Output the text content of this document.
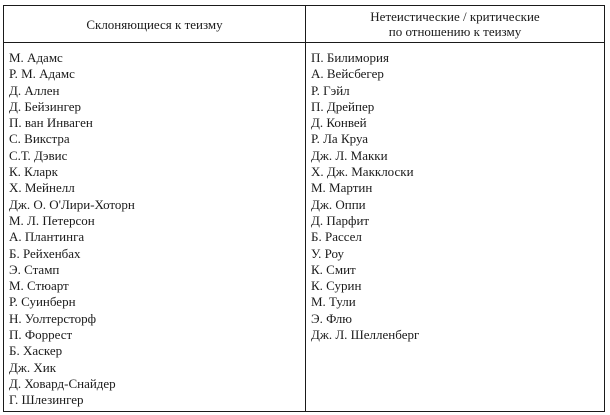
Склоняющиеся к теизму	Нетеистические / критические
по отношению к теизму
М. Адамс
Р. М. Адамс
Д. Аллен
Д. Бейзингер
П. ван Инваген
С. Викстра
С.Т. Дэвис
К. Кларк
Х. Мейнелл
Дж. О. О'Лири-Хоторн
М. Л. Петерсон
А. Плантинга
Б. Рейхенбах
Э. Стамп
М. Стюарт
Р. Суинберн
Н. Уолтерсторф
П. Форрест
Б. Хаскер
Дж. Хик
Д. Ховард-Снайдер
Г. Шлезингер
П. Билимория
А. Вейсбегер
Р. Гэйл
П. Дрейпер
Д. Конвей
Р. Ла Круа
Дж. Л. Макки
Х. Дж. Макклоски
М. Мартин
Дж. Оппи
Д. Парфит
Б. Рассел
У. Роу
К. Смит
К. Сурин
М. Тули
Э. Флю
Дж. Л. Шелленберг
